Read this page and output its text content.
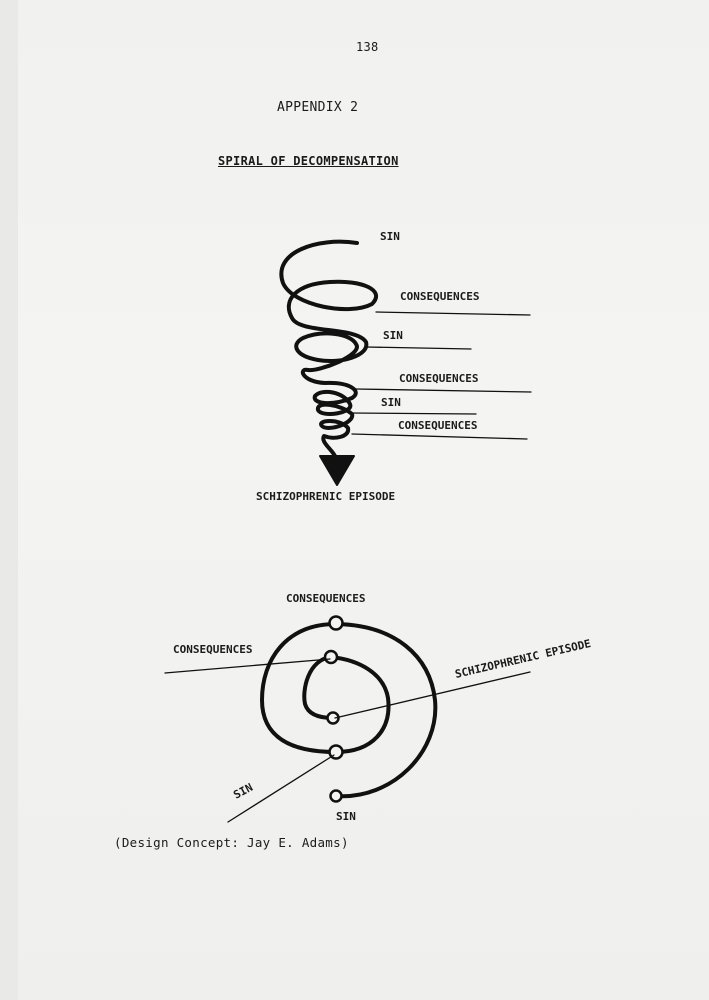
138
APPENDIX 2
SPIRAL OF DECOMPENSATION
SIN
CONSEQUENCES
SIN
CONSEQUENCES
SIN
CONSEQUENCES
SCHIZOPHRENIC EPISODE
CONSEQUENCES
CONSEQUENCES	SCHIZOPHRENIC EPISODE
SIN
SIN
(Design Concept: Jay E. Adams)
